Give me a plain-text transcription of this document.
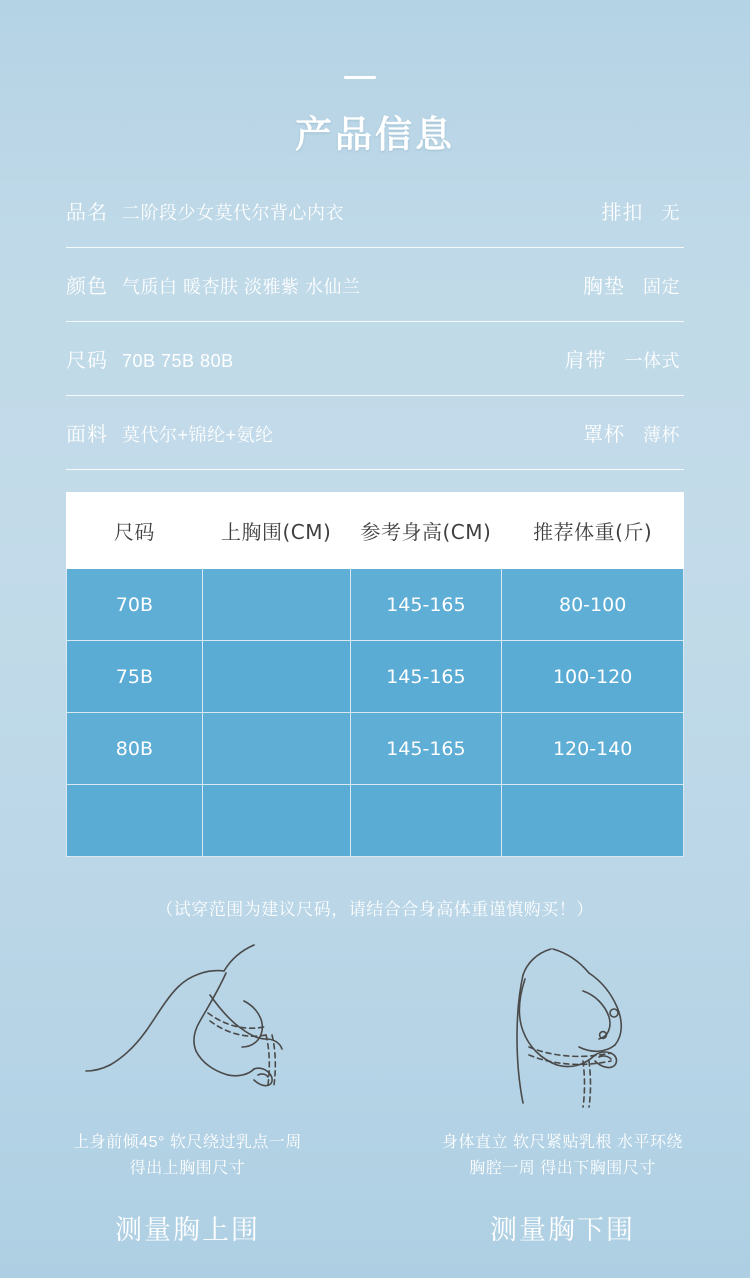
产品信息
品名 二阶段少女莫代尔背心内衣	排扣 无
颜色 气质白 暖杏肤 淡雅紫 水仙兰	胸垫 固定
尺码 70B 75B 80B	肩带 一体式
面料 莫代尔+锦纶+氨纶	罩杯 薄杯
尺码	上胸围(CM)	参考身高(CM)	推荐体重(斤)
70B		145-165	80-100
75B		145-165	100-120
80B		145-165	120-140

（试穿范围为建议尺码，请结合合身高体重谨慎购买！）
上身前倾45° 软尺绕过乳点一周
得出上胸围尺寸
测量胸上围
身体直立 软尺紧贴乳根 水平环绕
胸腔一周 得出下胸围尺寸
测量胸下围
